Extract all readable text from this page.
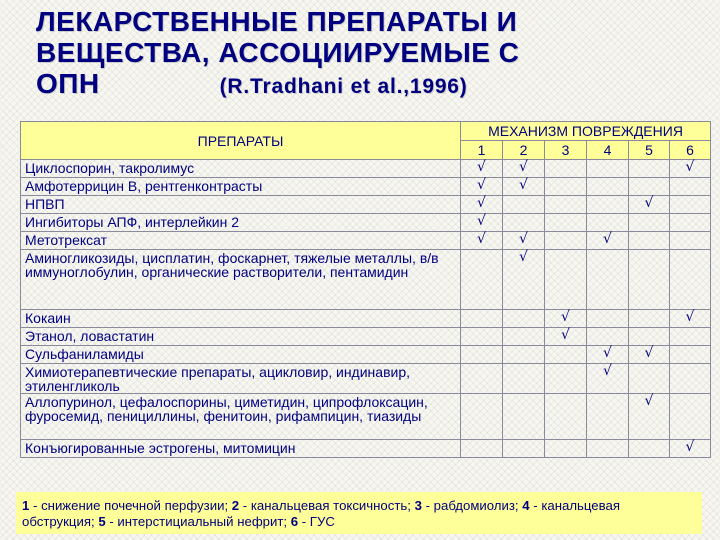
ЛЕКАРСТВЕННЫЕ ПРЕПАРАТЫ И
ВЕЩЕСТВА, АССОЦИИРУЕМЫЕ С
ОПН	(R.Tradhani et al.,1996)
ПРЕПАРАТЫ	МЕХАНИЗМ ПОВРЕЖДЕНИЯ					
	1	2	3	4	5	6
Циклоспорин, такролимус	√	√				√
Амфотеррицин В, рентгенконтрасты	√	√				
НПВП	√				√	
Ингибиторы АПФ, интерлейкин 2	√					
Метотрексат	√	√		√		
Аминогликозиды, цисплатин, фоскарнет, тяжелые металлы, в/в иммуноглобулин, органические растворители, пентамидин		√				
Кокаин			√			√
Этанол, ловастатин			√			
Сульфаниламиды				√	√	
Химиотерапевтические препараты, ацикловир, индинавир, этиленгликоль				√		
Аллопуринол, цефалоспорины, циметидин, ципрофлоксацин, фуросемид, пенициллины, фенитоин, рифампицин, тиазиды					√	
Конъюгированные эстрогены, митомицин						√
1 - снижение почечной перфузии; 2 - канальцевая токсичность; 3 - рабдомиолиз; 4 - канальцевая обструкция; 5 - интерстициальный нефрит; 6 - ГУС
